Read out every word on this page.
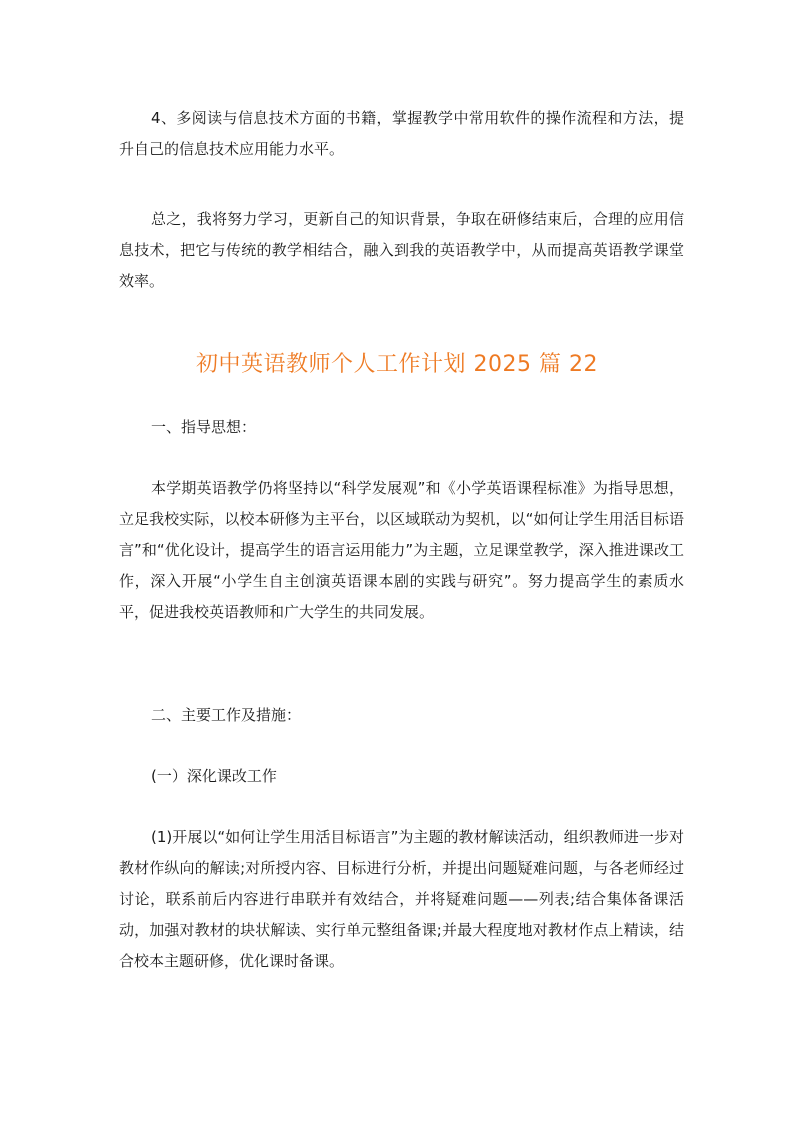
4、多阅读与信息技术方面的书籍，掌握教学中常用软件的操作流程和方法，提升自己的信息技术应用能力水平。

总之，我将努力学习，更新自己的知识背景，争取在研修结束后，合理的应用信息技术，把它与传统的教学相结合，融入到我的英语教学中，从而提高英语教学课堂效率。

初中英语教师个人工作计划 2025 篇 22

一、指导思想：

本学期英语教学仍将坚持以“科学发展观”和《小学英语课程标准》为指导思想，立足我校实际，以校本研修为主平台，以区域联动为契机，以“如何让学生用活目标语言”和“优化设计，提高学生的语言运用能力”为主题，立足课堂教学，深入推进课改工作，深入开展“小学生自主创演英语课本剧的实践与研究”。努力提高学生的素质水平，促进我校英语教师和广大学生的共同发展。

二、主要工作及措施：

(一）深化课改工作

(1)开展以“如何让学生用活目标语言”为主题的教材解读活动，组织教师进一步对教材作纵向的解读;对所授内容、目标进行分析，并提出问题疑难问题，与各老师经过讨论，联系前后内容进行串联并有效结合，并将疑难问题——列表;结合集体备课活动，加强对教材的块状解读、实行单元整组备课;并最大程度地对教材作点上精读，结合校本主题研修，优化课时备课。
